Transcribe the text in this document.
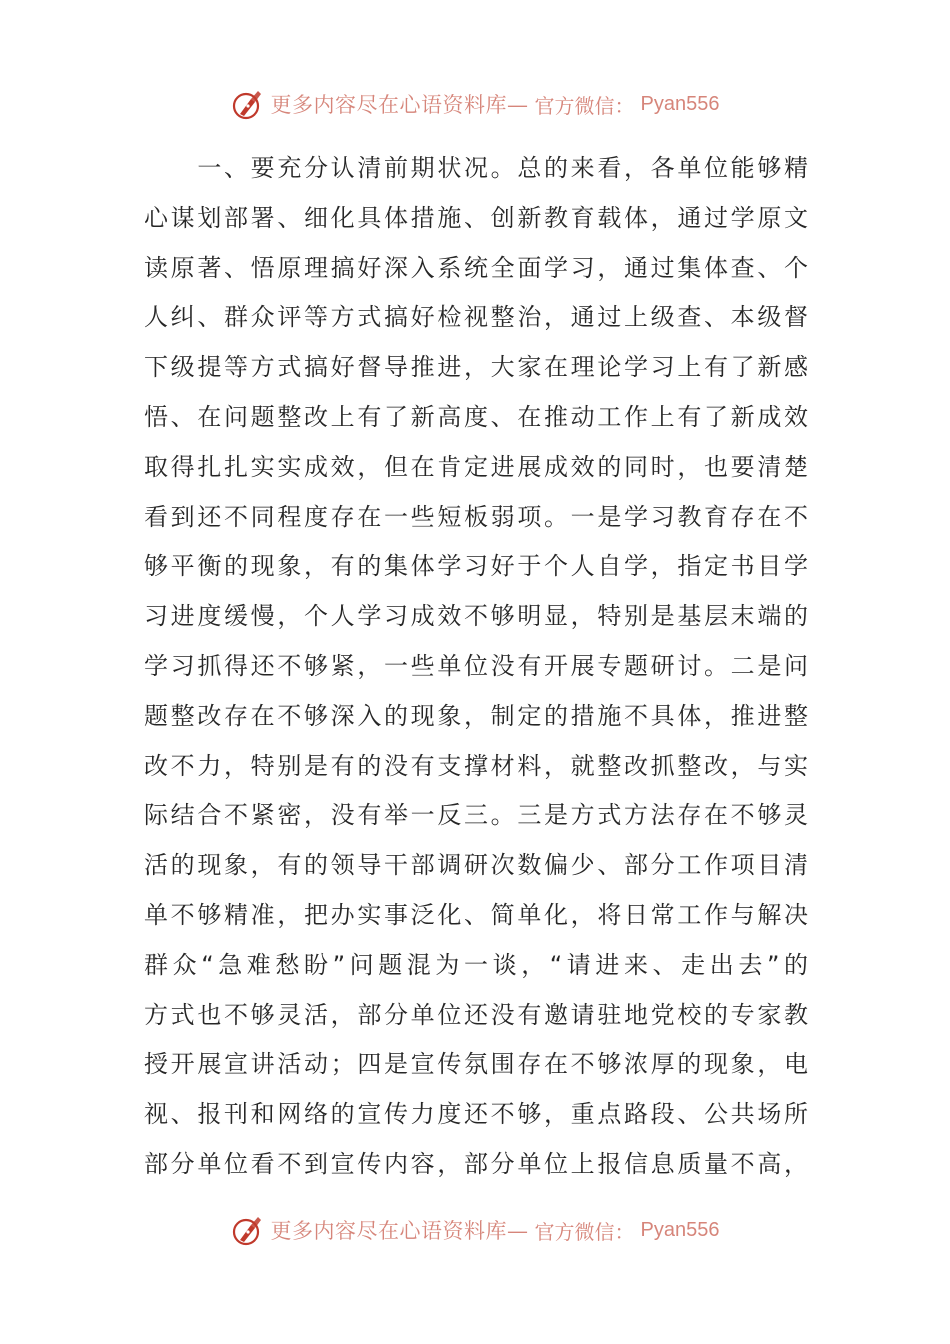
更多内容尽在心语资料库— 官方微信： Pyan556
　　一、要充分认清前期状况。总的来看，各单位能够精
心谋划部署、细化具体措施、创新教育载体，通过学原文
读原著、悟原理搞好深入系统全面学习，通过集体查、个
人纠、群众评等方式搞好检视整治，通过上级查、本级督
下级提等方式搞好督导推进，大家在理论学习上有了新感
悟、在问题整改上有了新高度、在推动工作上有了新成效
取得扎扎实实成效，但在肯定进展成效的同时，也要清楚
看到还不同程度存在一些短板弱项。一是学习教育存在不
够平衡的现象，有的集体学习好于个人自学，指定书目学
习进度缓慢，个人学习成效不够明显，特别是基层末端的
学习抓得还不够紧，一些单位没有开展专题研讨。二是问
题整改存在不够深入的现象，制定的措施不具体，推进整
改不力，特别是有的没有支撑材料，就整改抓整改，与实
际结合不紧密，没有举一反三。三是方式方法存在不够灵
活的现象，有的领导干部调研次数偏少、部分工作项目清
单不够精准，把办实事泛化、简单化，将日常工作与解决
群众“急难愁盼”问题混为一谈，“请进来、走出去”的
方式也不够灵活，部分单位还没有邀请驻地党校的专家教
授开展宣讲活动；四是宣传氛围存在不够浓厚的现象，电
视、报刊和网络的宣传力度还不够，重点路段、公共场所
部分单位看不到宣传内容，部分单位上报信息质量不高，
更多内容尽在心语资料库— 官方微信： Pyan556
